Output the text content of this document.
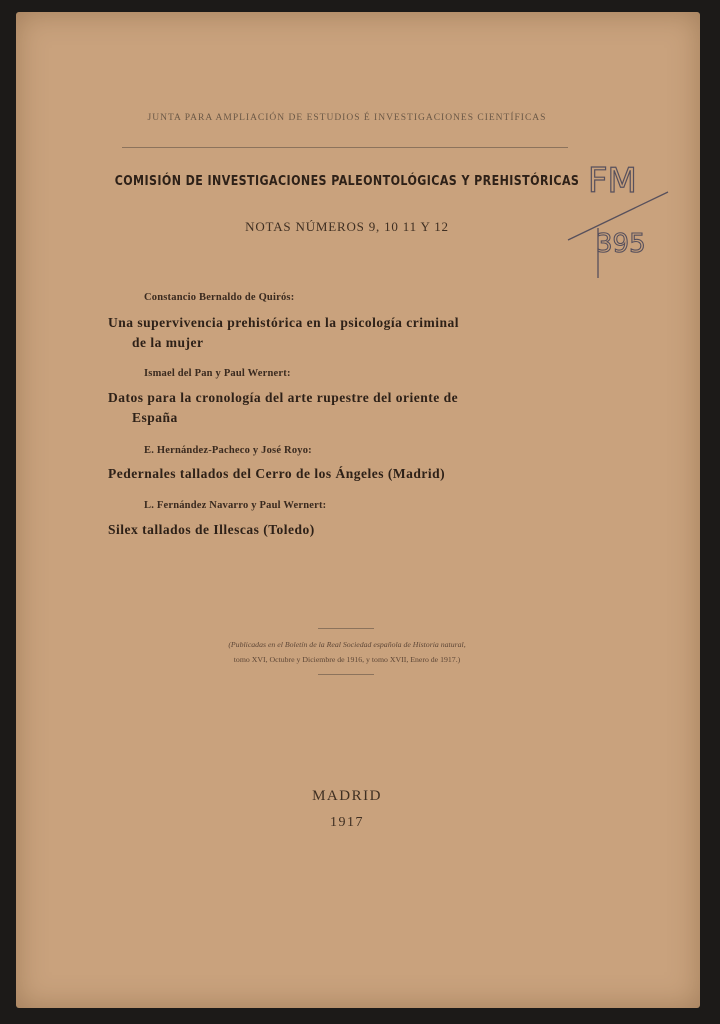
JUNTA PARA AMPLIACIÓN DE ESTUDIOS É INVESTIGACIONES CIENTÍFICAS
COMISIÓN DE INVESTIGACIONES PALEONTOLÓGICAS Y PREHISTÓRICAS
NOTAS NÚMEROS 9, 10 11 Y 12
FM
395
Constancio Bernaldo de Quirós:
Una supervivencia prehistórica en la psicología criminal
de la mujer
Ismael del Pan y Paul Wernert:
Datos para la cronología del arte rupestre del oriente de
España
E. Hernández-Pacheco y José Royo:
Pedernales tallados del Cerro de los Ángeles (Madrid)
L. Fernández Navarro y Paul Wernert:
Silex tallados de Illescas (Toledo)
(Publicadas en el Boletín de la Real Sociedad española de Historia natural,
tomo XVI, Octubre y Diciembre de 1916, y tomo XVII, Enero de 1917.)
MADRID
1917
